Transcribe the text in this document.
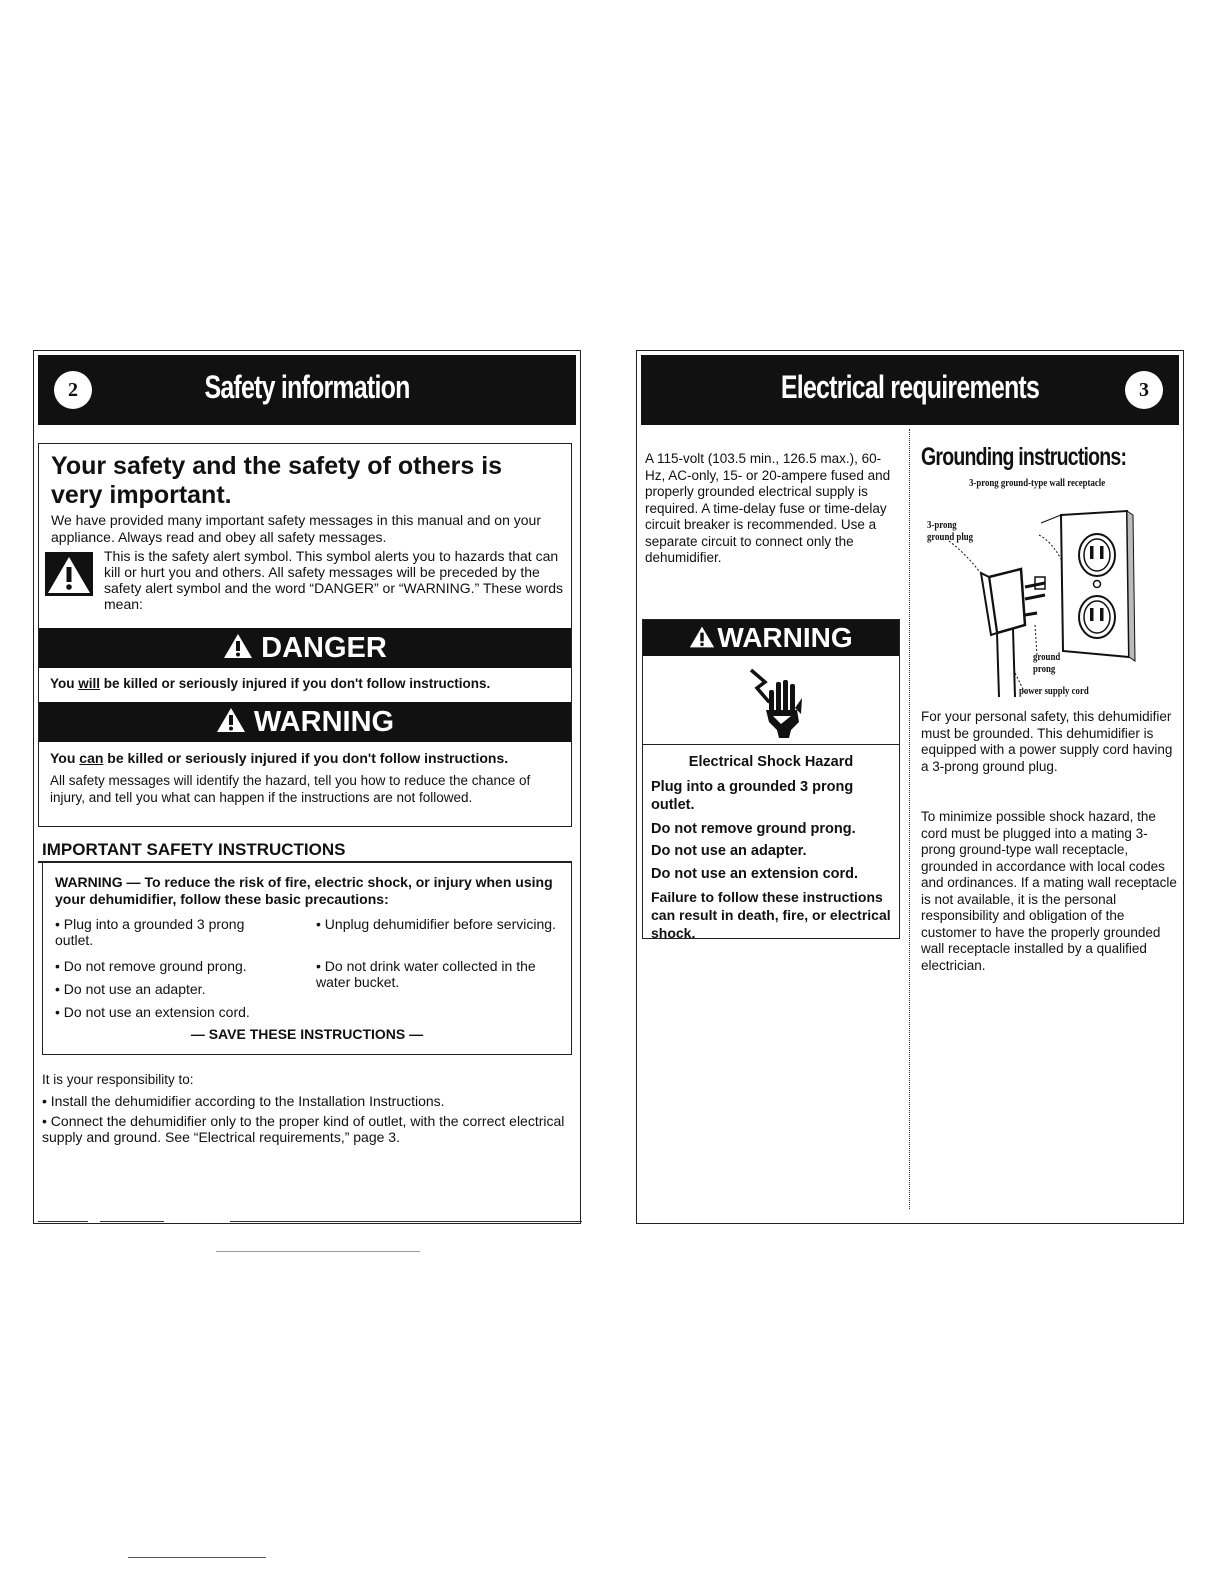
2	Safety information
Your safety and the safety of others is very important.
We have provided many important safety messages in this manual and on your appliance. Always read and obey all safety messages.
This is the safety alert symbol. This symbol alerts you to hazards that can kill or hurt you and others. All safety messages will be preceded by the safety alert symbol and the word “DANGER” or “WARNING.” These words mean:
DANGER
You will be killed or seriously injured if you don't follow instructions.
WARNING
You can be killed or seriously injured if you don't follow instructions.
All safety messages will identify the hazard, tell you how to reduce the chance of injury, and tell you what can happen if the instructions are not followed.
IMPORTANT SAFETY INSTRUCTIONS
WARNING — To reduce the risk of fire, electric shock, or injury when using your dehumidifier, follow these basic precautions:
• Plug into a grounded 3 prong outlet.
• Do not remove ground prong.
• Do not use an adapter.
• Do not use an extension cord.
• Unplug dehumidifier before servicing.
• Do not drink water collected in the water bucket.
— SAVE THESE INSTRUCTIONS —
It is your responsibility to:
• Install the dehumidifier according to the Installation Instructions.
• Connect the dehumidifier only to the proper kind of outlet, with the correct electrical supply and ground. See “Electrical requirements,” page 3.
Electrical requirements	3
A 115-volt (103.5 min., 126.5 max.), 60-Hz, AC-only, 15- or 20-ampere fused and properly grounded electrical supply is required. A time-delay fuse or time-delay circuit breaker is recommended. Use a separate circuit to connect only the dehumidifier.
WARNING
Electrical Shock Hazard
Plug into a grounded 3 prong outlet.
Do not remove ground prong.
Do not use an adapter.
Do not use an extension cord.
Failure to follow these instructions can result in death, fire, or electrical shock.
Grounding instructions:
3-prong ground-type wall receptacle
3-prong ground plug
ground prong
power supply cord
For your personal safety, this dehumidifier must be grounded. This dehumidifier is equipped with a power supply cord having a 3-prong ground plug.
To minimize possible shock hazard, the cord must be plugged into a mating 3-prong ground-type wall receptacle, grounded in accordance with local codes and ordinances. If a mating wall receptacle is not available, it is the personal responsibility and obligation of the customer to have the properly grounded wall receptacle installed by a qualified electrician.
